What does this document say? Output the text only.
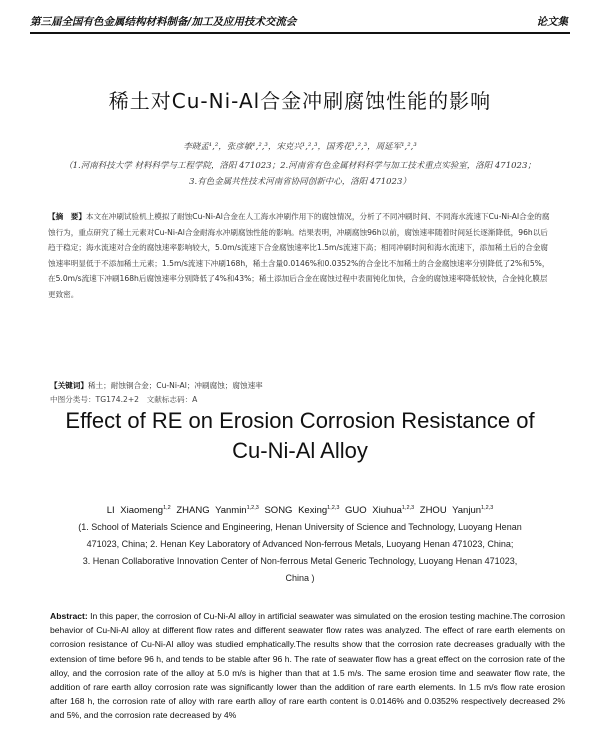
第三届全国有色金属结构材料制备/加工及应用技术交流会	论文集
稀土对Cu-Ni-Al合金冲刷腐蚀性能的影响
李晓孟¹,²，张彦敏¹,²,³，宋克兴¹,²,³，国秀花¹,²,³，周延军¹,²,³
（1.河南科技大学 材料科学与工程学院，洛阳 471023；2.河南省有色金属材料科学与加工技术重点实验室，洛阳 471023；
3.有色金属共性技术河南省协同创新中心，洛阳 471023）
【摘　要】本文在冲刷试验机上模拟了耐蚀Cu-Ni-Al合金在人工海水冲刷作用下的腐蚀情况，分析了不同冲刷时间、不同海水流速下Cu-Ni-Al合金的腐蚀行为，重点研究了稀土元素对Cu-Ni-Al合金耐海水冲刷腐蚀性能的影响。结果表明，冲刷腐蚀96h以前，腐蚀速率随着时间延长逐渐降低，96h以后趋于稳定；海水流速对合金的腐蚀速率影响较大，5.0m/s流速下合金腐蚀速率比1.5m/s流速下高；相同冲刷时间和海水流速下，添加稀土后的合金腐蚀速率明显低于不添加稀土元素；1.5m/s流速下冲刷168h，稀土含量0.0146%和0.0352%的合金比不加稀土的合金腐蚀速率分别降低了2%和5%，在5.0m/s流速下冲刷168h后腐蚀速率分别降低了4%和43%；稀土添加后合金在腐蚀过程中表面钝化加快，合金的腐蚀速率降低较快，合金钝化膜层更致密。
【关键词】稀土；耐蚀铜合金；Cu-Ni-Al；冲刷腐蚀；腐蚀速率
中图分类号：TG174.2+2　文献标志码：A
Effect of RE on Erosion Corrosion Resistance of
Cu-Ni-Al Alloy
LI Xiaomeng$^{1,2}$ ZHANG Yanmin$^{1,2,3}$ SONG Kexing$^{1,2,3}$ GUO Xiuhua$^{1,2,3}$ ZHOU Yanjun$^{1,2,3}$
(1. School of Materials Science and Engineering, Henan University of Science and Technology, Luoyang Henan
471023, China; 2. Henan Key Laboratory of Advanced Non-ferrous Metals, Luoyang Henan 471023, China;
3. Henan Collaborative Innovation Center of Non-ferrous Metal Generic Technology, Luoyang Henan 471023,
China )
Abstract: In this paper, the corrosion of Cu-Ni-Al alloy in artificial seawater was simulated on the erosion testing machine.The corrosion behavior of Cu-Ni-Al alloy at different flow rates and different seawater flow rates was analyzed. The effect of rare earth elements on corrosion resistance of Cu-Ni-Al alloy was studied emphatically.The results show that the corrosion rate decreases gradually with the extension of time before 96 h, and tends to be stable after 96 h. The rate of seawater flow has a great effect on the corrosion rate of the alloy, and the corrosion rate of the alloy at 5.0 m/s is higher than that at 1.5 m/s. The same erosion time and seawater flow rate, the addition of rare earth alloy corrosion rate was significantly lower than the addition of rare earth elements. In 1.5 m/s flow rate erosion after 168 h, the corrosion rate of alloy with rare earth alloy of rare earth content is 0.0146% and 0.0352% respectively decreased 2% and 5%, and the corrosion rate decreased by 4%
